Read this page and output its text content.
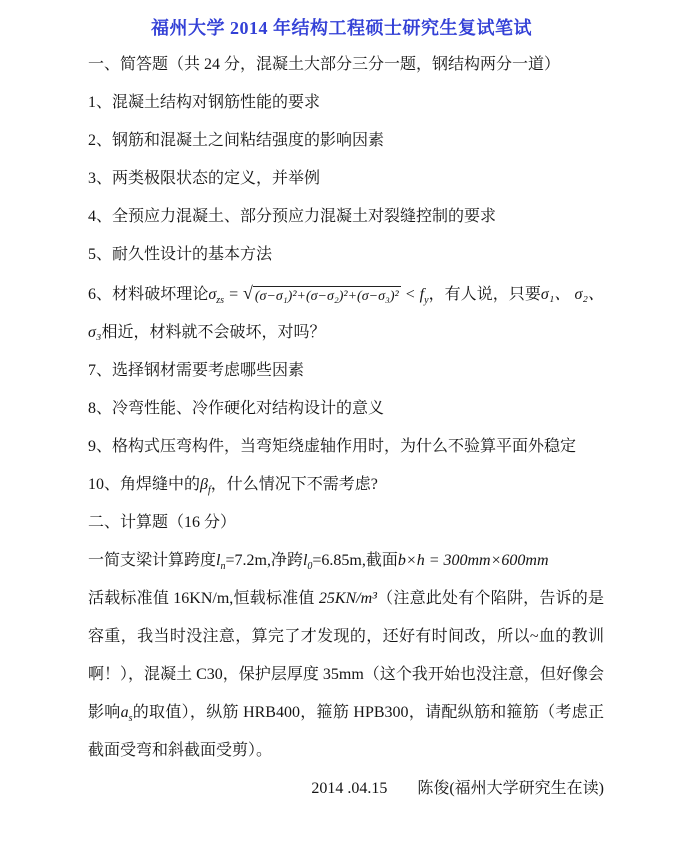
福州大学 2014 年结构工程硕士研究生复试笔试

一、简答题（共 24 分，混凝土大部分三分一题，钢结构两分一道）

1、混凝土结构对钢筋性能的要求

2、钢筋和混凝土之间粘结强度的影响因素

3、两类极限状态的定义，并举例

4、全预应力混凝土、部分预应力混凝土对裂缝控制的要求

5、耐久性设计的基本方法

6、材料破坏理论$\sigma_{zs}$ = √ $(\sigma-\sigma_1)^2+(\sigma-\sigma_2)^2+(\sigma-\sigma_3)^2 < f_y$，有人说，只要σ₁、 σ₂、 σ₃相近，材料就不会破坏，对吗？

7、选择钢材需要考虑哪些因素

8、冷弯性能、冷作硬化对结构设计的意义

9、格构式压弯构件，当弯矩绕虚轴作用时，为什么不验算平面外稳定

10、角焊缝中的$\beta_f$，什么情况下不需考虑?

二、计算题（16 分）

一简支梁计算跨度$l_n=7.2m$,净跨$l_0=6.85m$,截面b×h = 300mm×600mm

活载标准值 16KN/m,恒载标准值 25KN/m³（注意此处有个陷阱，告诉的是容重，我当时没注意，算完了才发现的，还好有时间改，所以~血的教训啊！），混凝土 C30，保护层厚度 35mm（这个我开始也没注意，但好像会影响$a_s$的取值），纵筋 HRB400，箍筋 HPB300，请配纵筋和箍筋（考虑正截面受弯和斜截面受剪）。

2014 .04.15 陈俊(福州大学研究生在读)
